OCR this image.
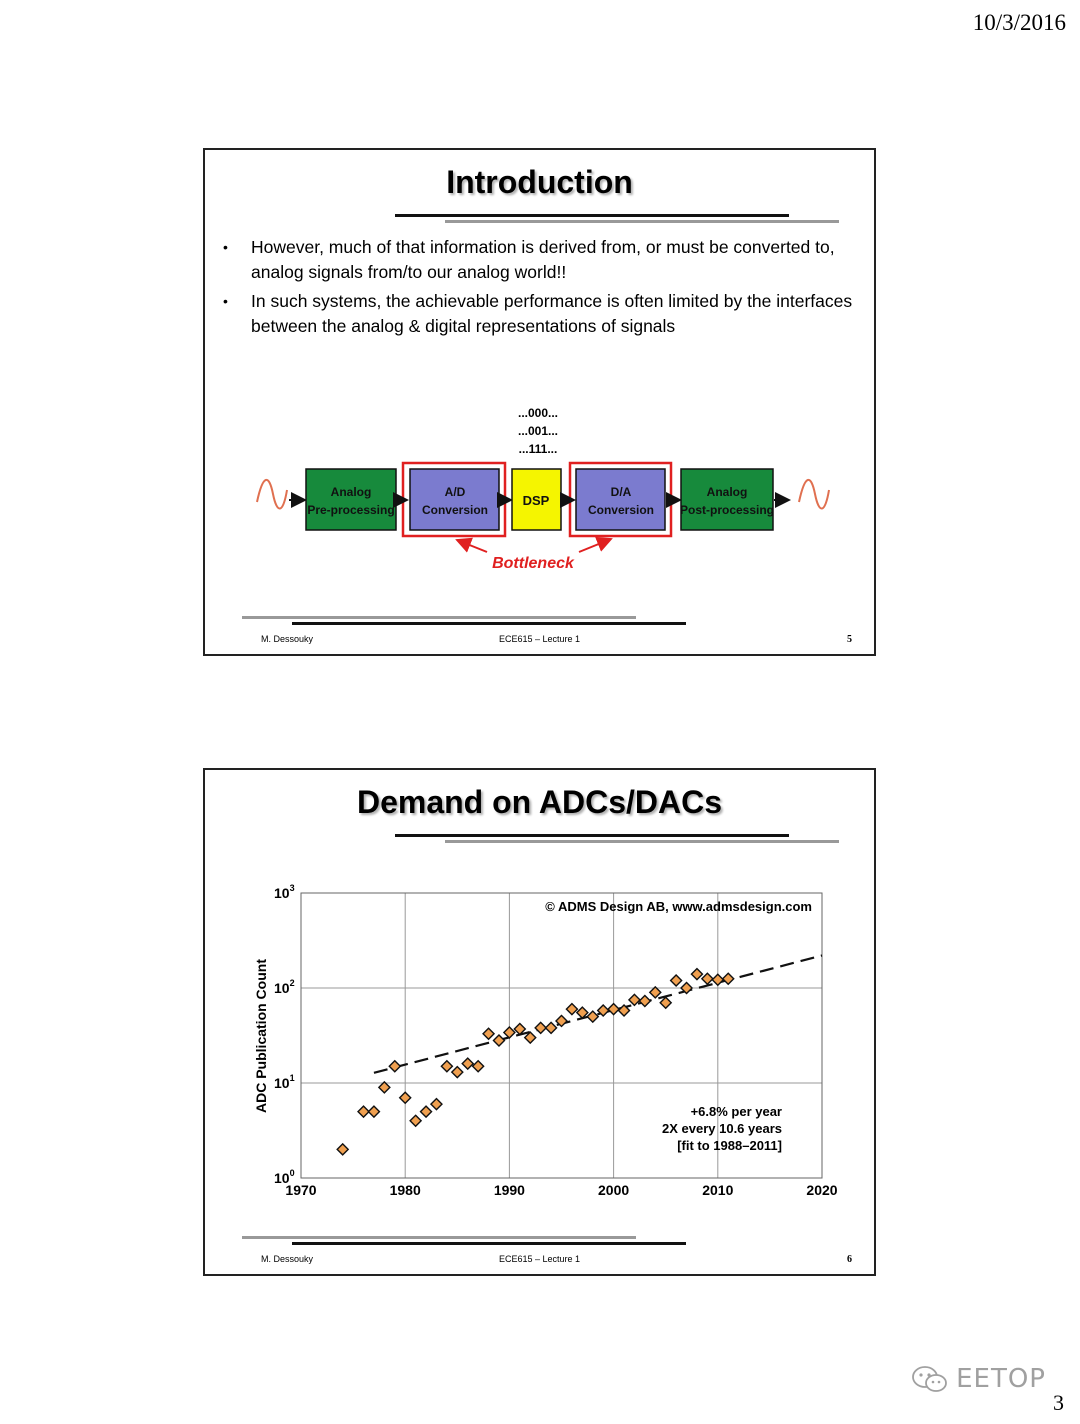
10/3/2016
Introduction
• However, much of that information is derived from, or must be converted to, analog signals from/to our analog world!!
• In such systems, the achievable performance is often limited by the interfaces between the analog & digital representations of signals
...000...
...001...
...111...
Analog
Pre-processing
A/D
Conversion
DSP
D/A
Conversion
Analog
Post-processing
Bottleneck
M. Dessouky	ECE615 – Lecture 1	5
Demand on ADCs/DACs
1970	1980	1990	2000	2010	2020
$10^0$
$10^1$
$10^2$
$10^3$
ADC Publication Count
© ADMS Design AB, www.admsdesign.com
+6.8% per year
2X every 10.6 years
[fit to 1988–2011]
M. Dessouky	ECE615 – Lecture 1	6
EETOP
3
